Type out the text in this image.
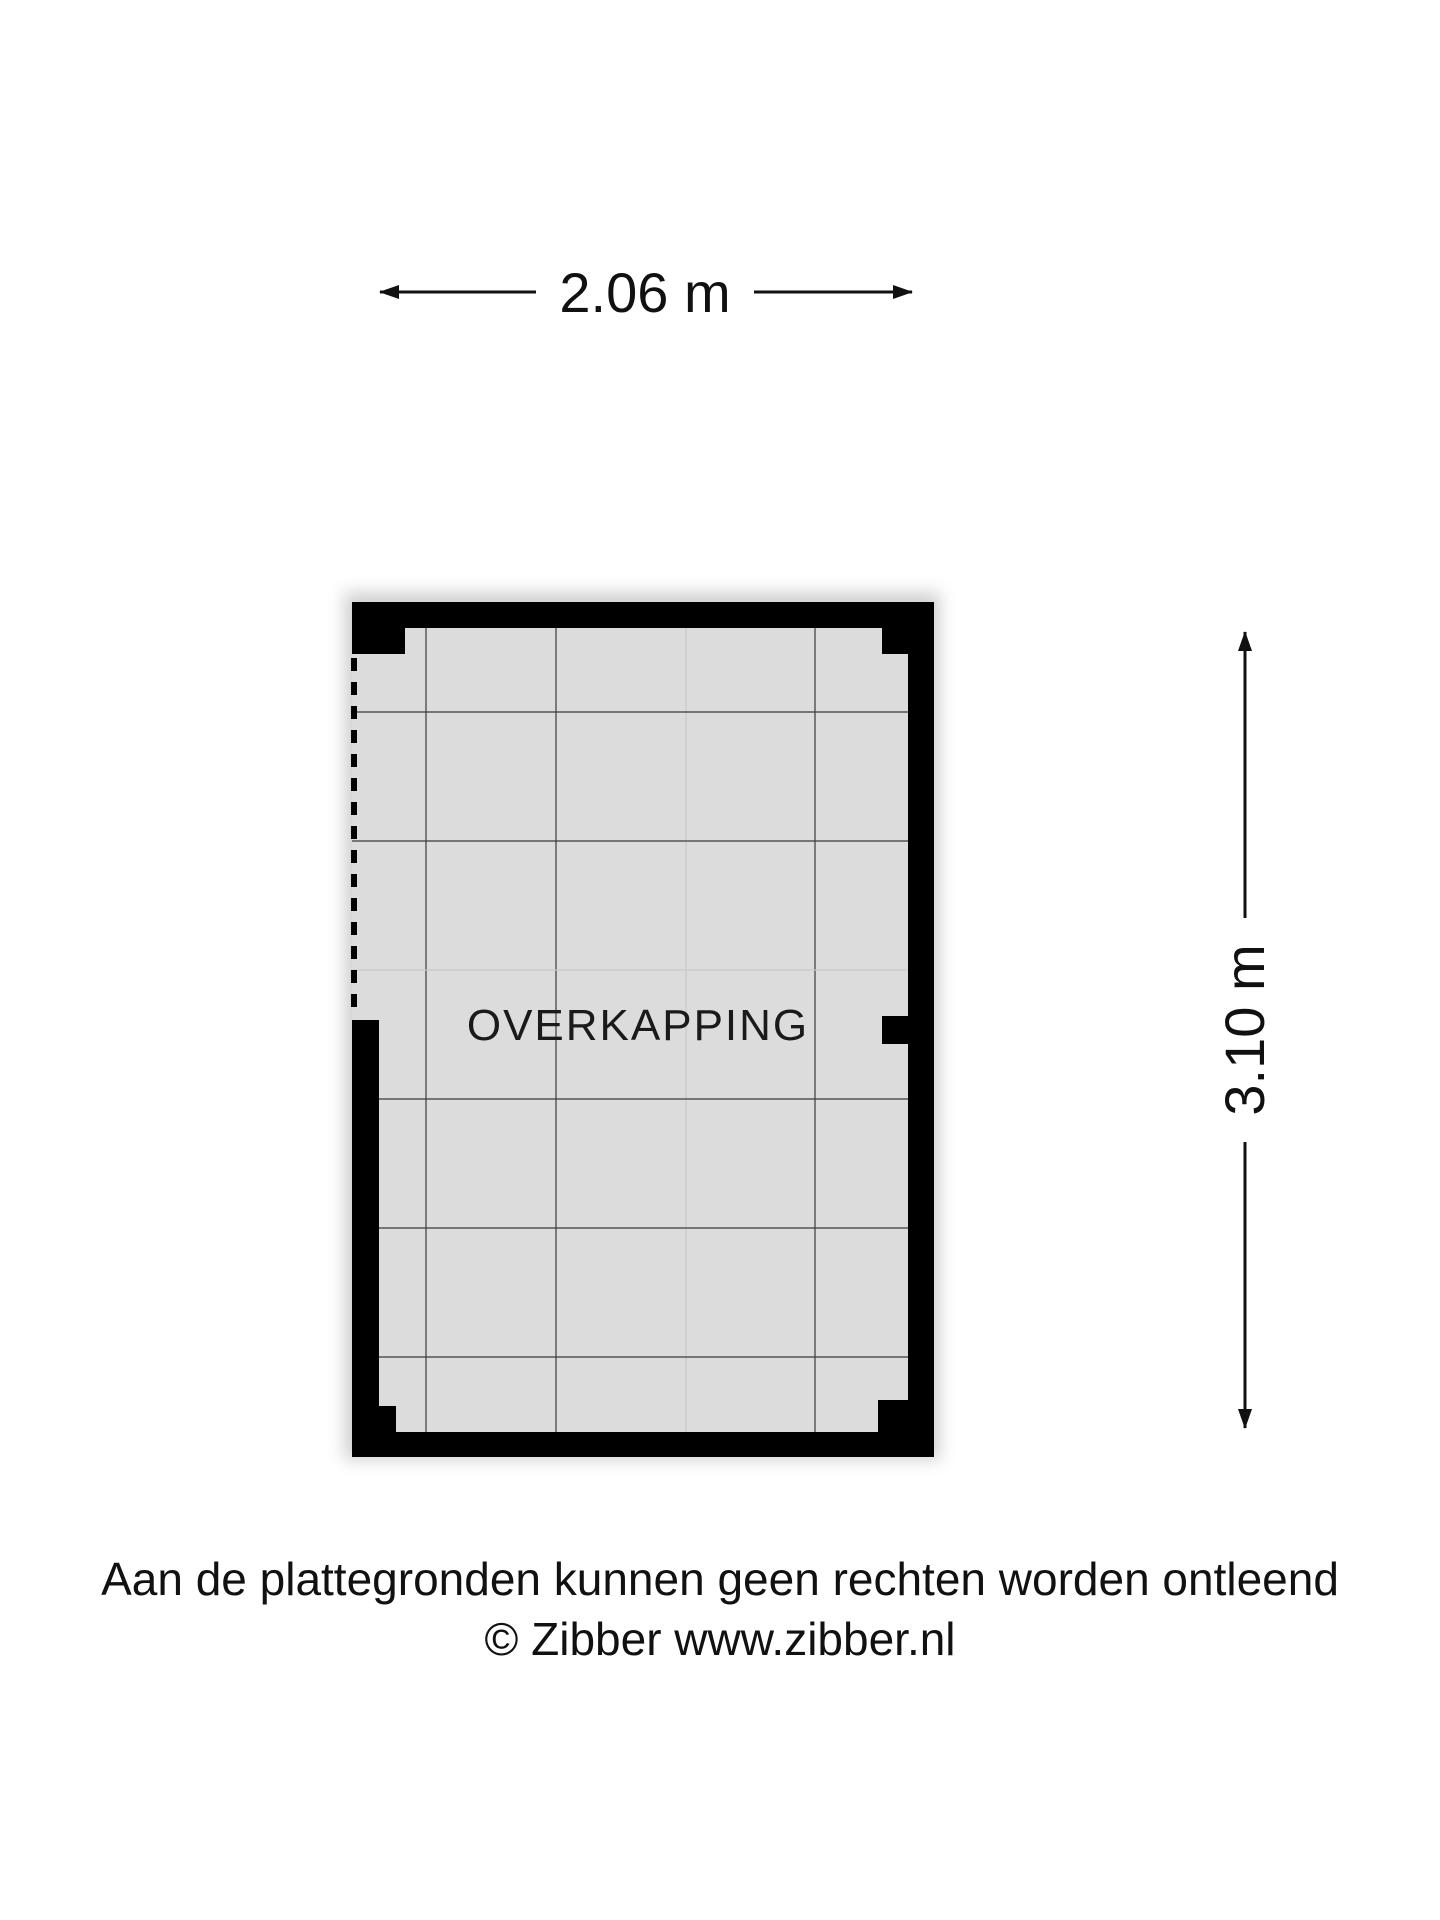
2.06 m
3.10 m
OVERKAPPING
Aan de plattegronden kunnen geen rechten worden ontleend
© Zibber www.zibber.nl
